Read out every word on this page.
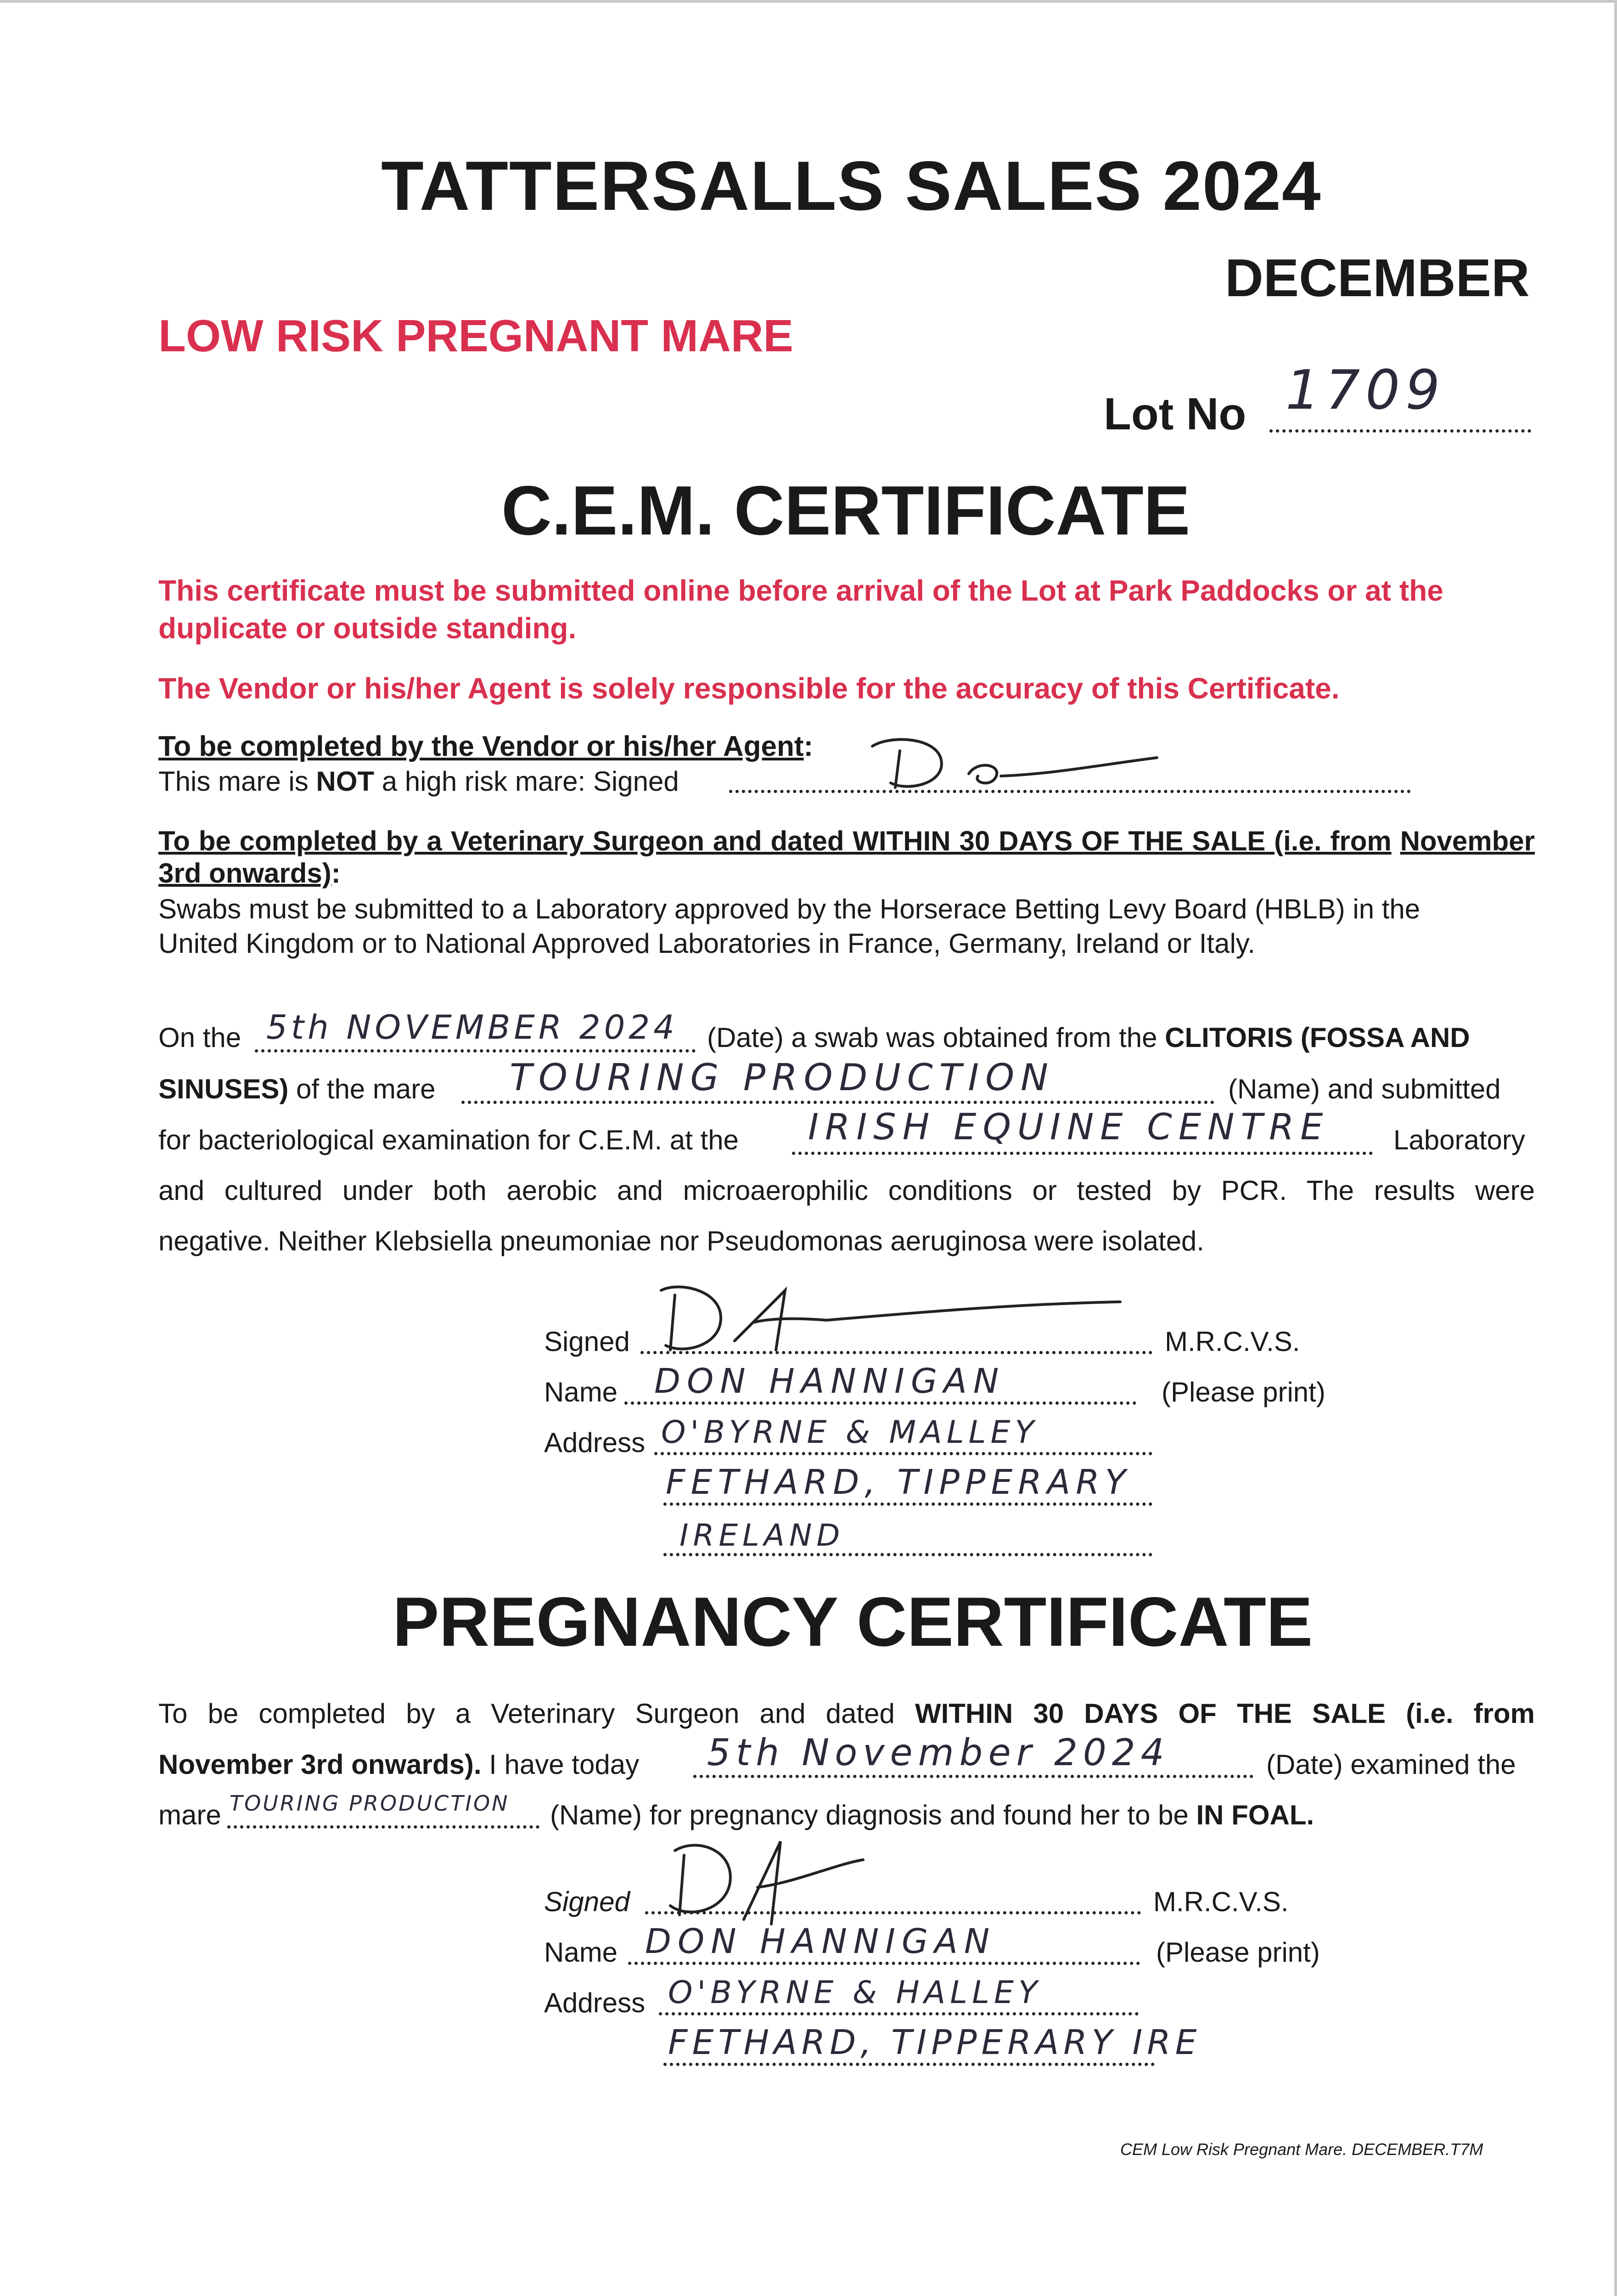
TATTERSALLS SALES 2024
DECEMBER
LOW RISK PREGNANT MARE
Lot No 1709
C.E.M. CERTIFICATE
This certificate must be submitted online before arrival of the Lot at Park Paddocks or at the duplicate or outside standing.
The Vendor or his/her Agent is solely responsible for the accuracy of this Certificate.
To be completed by the Vendor or his/her Agent:
This mare is NOT a high risk mare: Signed
To be completed by a Veterinary Surgeon and dated WITHIN 30 DAYS OF THE SALE (i.e. from November 3rd onwards):
Swabs must be submitted to a Laboratory approved by the Horserace Betting Levy Board (HBLB) in the
United Kingdom or to National Approved Laboratories in France, Germany, Ireland or Italy.
On the 5th NOVEMBER 2024 (Date) a swab was obtained from the CLITORIS (FOSSA AND
SINUSES) of the mare TOURING PRODUCTION	(Name) and submitted
for bacteriological examination for C.E.M. at the IRISH EQUINE CENTRE Laboratory
and cultured under both aerobic and microaerophilic conditions or tested by PCR. The results were
negative. Neither Klebsiella pneumoniae nor Pseudomonas aeruginosa were isolated.
Signed	M.R.C.V.S.
Name DON HANNIGAN	(Please print)
Address O'BYRNE & MALLEY
FETHARD, TIPPERARY
IRELAND
PREGNANCY CERTIFICATE
To be completed by a Veterinary Surgeon and dated WITHIN 30 DAYS OF THE SALE (i.e. from
November 3rd onwards). I have today 5th November 2024	(Date) examined the
mare TOURING PRODUCTION (Name) for pregnancy diagnosis and found her to be IN FOAL.
Signed	M.R.C.V.S.
Name DON HANNIGAN	(Please print)
Address O'BYRNE & HALLEY
FETHARD, TIPPERARY IRE
CEM Low Risk Pregnant Mare. DECEMBER.T7M
